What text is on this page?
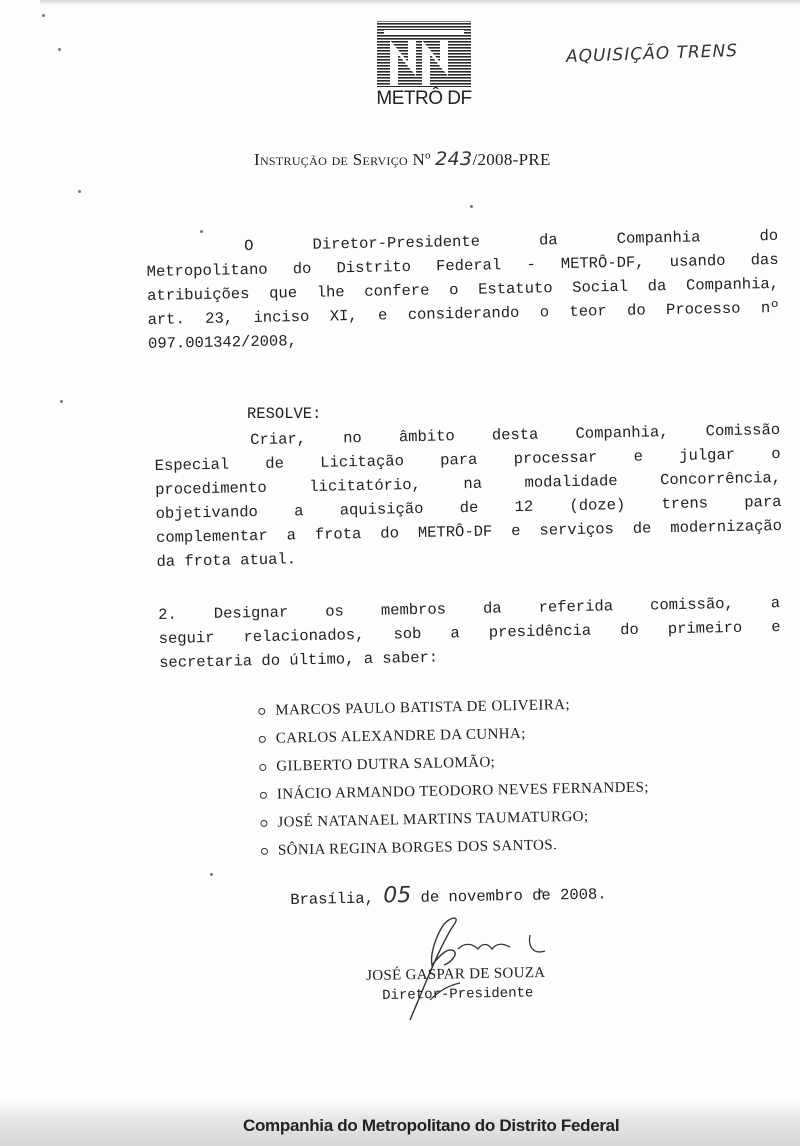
METRÔ DF
AQUISIÇÃO TRENS
Instrução de Serviço Nº 243/2008-PRE
O Diretor-Presidente da Companhia do
Metropolitano do Distrito Federal - METRÔ-DF, usando das
atribuições que lhe confere o Estatuto Social da Companhia,
art. 23, inciso XI, e considerando o teor do Processo nº
097.001342/2008,
RESOLVE:
Criar, no âmbito desta Companhia, Comissão
Especial de Licitação para processar e julgar o
procedimento licitatório, na modalidade Concorrência,
objetivando a aquisição de 12 (doze) trens para
complementar a frota do METRÔ-DF e serviços de modernização
da frota atual.
2. Designar os membros da referida comissão, a
seguir relacionados, sob a presidência do primeiro e
secretaria do último, a saber:
MARCOS PAULO BATISTA DE OLIVEIRA;
CARLOS ALEXANDRE DA CUNHA;
GILBERTO DUTRA SALOMÃO;
INÁCIO ARMANDO TEODORO NEVES FERNANDES;
JOSÉ NATANAEL MARTINS TAUMATURGO;
SÔNIA REGINA BORGES DOS SANTOS.
Brasília, 05 de novembro de 2008.
JOSÉ GASPAR DE SOUZA
Diretor-Presidente
Companhia do Metropolitano do Distrito Federal
